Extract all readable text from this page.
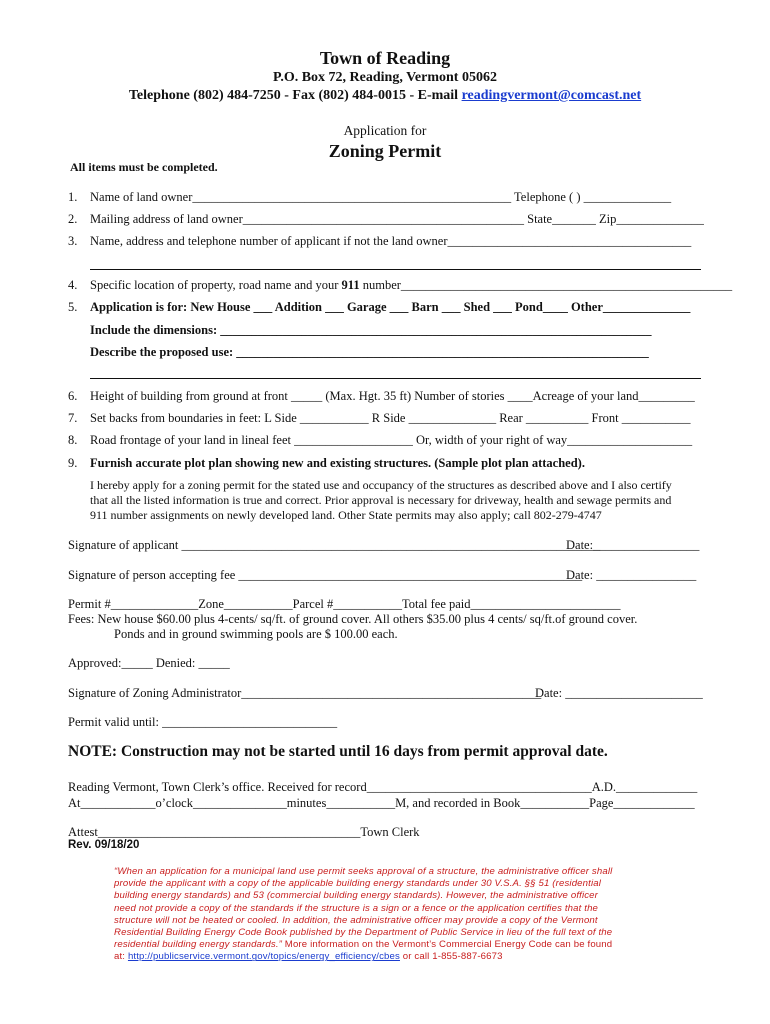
Town of Reading
P.O. Box 72, Reading, Vermont 05062
Telephone (802) 484-7250 - Fax (802) 484-0015 - E-mail readingvermont@comcast.net
Application for
Zoning Permit
All items must be completed.
1. Name of land owner___________________________________________________ Telephone ( ) ______________
2. Mailing address of land owner_____________________________________________ State_______ Zip______________
3. Name, address and telephone number of applicant if not the land owner_______________________________________
4. Specific location of property, road name and your 911 number_____________________________________________________
5. Application is for: New House ___ Addition ___ Garage ___ Barn ___ Shed ___ Pond____ Other______________
Include the dimensions: _____________________________________________________________________
Describe the proposed use: __________________________________________________________________
6. Height of building from ground at front _____ (Max. Hgt. 35 ft) Number of stories ____Acreage of your land_________
7. Set backs from boundaries in feet: L Side ___________ R Side ______________ Rear __________ Front ___________
8. Road frontage of your land in lineal feet ___________________ Or, width of your right of way____________________
9. Furnish accurate plot plan showing new and existing structures. (Sample plot plan attached).
I hereby apply for a zoning permit for the stated use and occupancy of the structures as described above and I also certify
that all the listed information is true and correct. Prior approval is necessary for driveway, health and sewage permits and
911 number assignments on newly developed land. Other State permits may also apply; call 802-279-4747
Signature of applicant ___________________________________________________________________
Date:_________________
Signature of person accepting fee _______________________________________________________
Date: ________________
Permit #______________Zone___________Parcel #___________Total fee paid________________________
Fees: New house $60.00 plus 4-cents/ sq/ft. of ground cover. All others $35.00 plus 4 cents/ sq/ft.of ground cover.
Ponds and in ground swimming pools are $ 100.00 each.
Approved:_____ Denied: _____
Signature of Zoning Administrator________________________________________________
Date: ______________________
Permit valid until: ____________________________
NOTE: Construction may not be started until 16 days from permit approval date.
Reading Vermont, Town Clerk’s office. Received for record____________________________________A.D._____________
At____________o’clock_______________minutes___________M, and recorded in Book___________Page_____________
Attest__________________________________________Town Clerk
Rev. 09/18/20
“When an application for a municipal land use permit seeks approval of a structure, the administrative officer shall
provide the applicant with a copy of the applicable building energy standards under 30 V.S.A. §§ 51 (residential
building energy standards) and 53 (commercial building energy standards). However, the administrative officer
need not provide a copy of the standards if the structure is a sign or a fence or the application certifies that the
structure will not be heated or cooled. In addition, the administrative officer may provide a copy of the Vermont
Residential Building Energy Code Book published by the Department of Public Service in lieu of the full text of the
residential building energy standards.” More information on the Vermont’s Commercial Energy Code can be found
at: http://publicservice.vermont.gov/topics/energy_efficiency/cbes or call 1-855-887-6673
